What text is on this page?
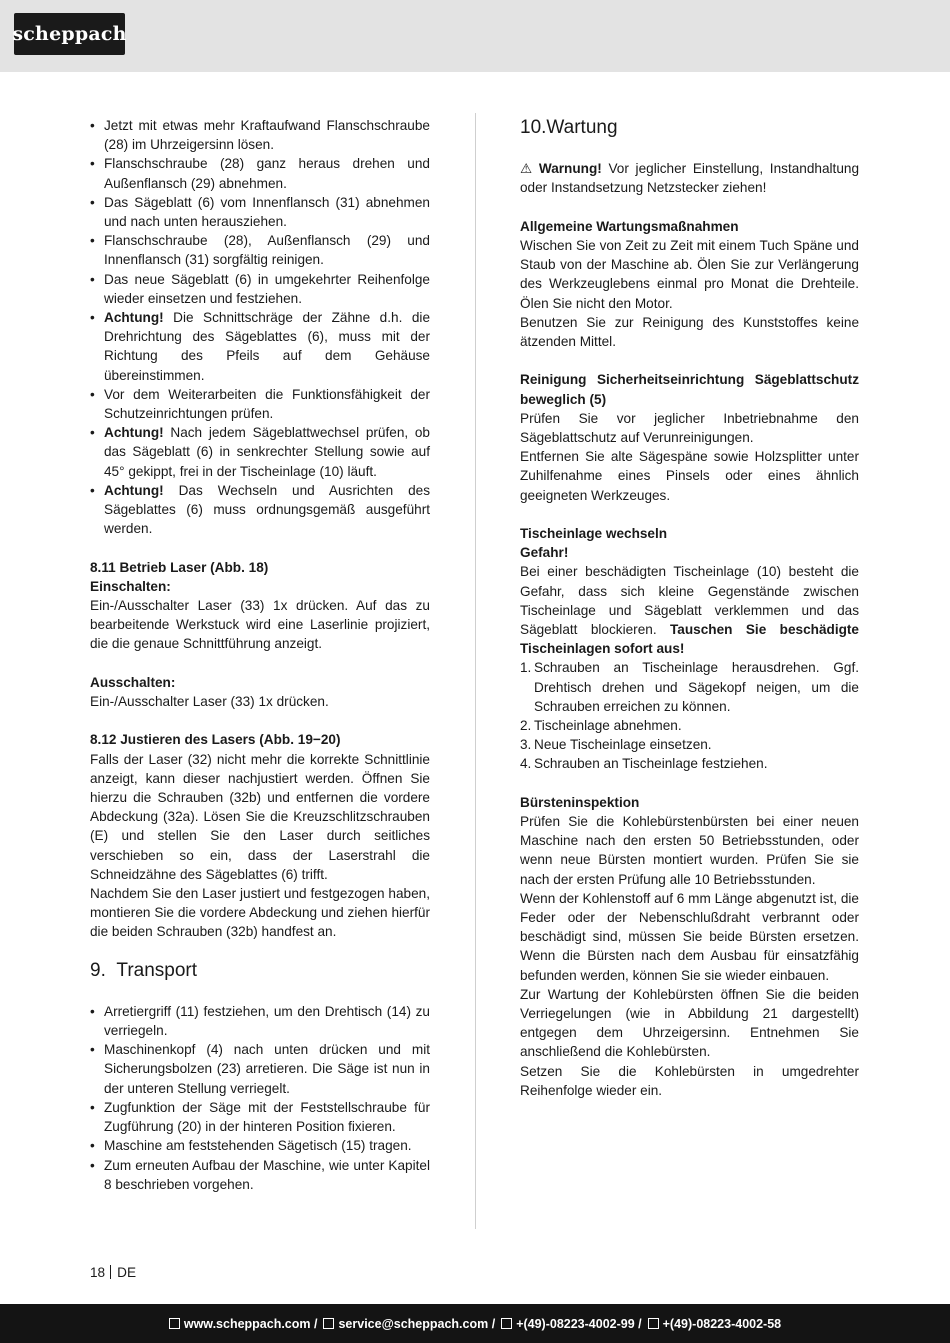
scheppach
• Jetzt mit etwas mehr Kraftaufwand Flanschschraube (28) im Uhrzeigersinn lösen.
• Flanschschraube (28) ganz heraus drehen und Außenflansch (29) abnehmen.
• Das Sägeblatt (6) vom Innenflansch (31) abnehmen und nach unten herausziehen.
• Flanschschraube (28), Außenflansch (29) und Innenflansch (31) sorgfältig reinigen.
• Das neue Sägeblatt (6) in umgekehrter Reihenfolge wieder einsetzen und festziehen.
• Achtung! Die Schnittschräge der Zähne d.h. die Drehrichtung des Sägeblattes (6), muss mit der Richtung des Pfeils auf dem Gehäuse übereinstimmen.
• Vor dem Weiterarbeiten die Funktionsfähigkeit der Schutzeinrichtungen prüfen.
• Achtung! Nach jedem Sägeblattwechsel prüfen, ob das Sägeblatt (6) in senkrechter Stellung sowie auf 45° gekippt, frei in der Tischeinlage (10) läuft.
• Achtung! Das Wechseln und Ausrichten des Sägeblattes (6) muss ordnungsgemäß ausgeführt werden.

8.11 Betrieb Laser (Abb. 18)

Einschalten:

Ein-/Ausschalter Laser (33) 1x drücken. Auf das zu bearbeitende Werkstuck wird eine Laserlinie projiziert, die die genaue Schnittführung anzeigt.

Ausschalten:

Ein-/Ausschalter Laser (33) 1x drücken.

8.12 Justieren des Lasers (Abb. 19−20)

Falls der Laser (32) nicht mehr die korrekte Schnittlinie anzeigt, kann dieser nachjustiert werden. Öffnen Sie hierzu die Schrauben (32b) und entfernen die vordere Abdeckung (32a). Lösen Sie die Kreuzschlitzschrauben (E) und stellen Sie den Laser durch seitliches verschieben so ein, dass der Laserstrahl die Schneidzähne des Sägeblattes (6) trifft.

Nachdem Sie den Laser justiert und festgezogen haben, montieren Sie die vordere Abdeckung und ziehen hierfür die beiden Schrauben (32b) handfest an.

9. Transport
• Arretiergriff (11) festziehen, um den Drehtisch (14) zu verriegeln.
• Maschinenkopf (4) nach unten drücken und mit Sicherungsbolzen (23) arretieren. Die Säge ist nun in der unteren Stellung verriegelt.
• Zugfunktion der Säge mit der Feststellschraube für Zugführung (20) in der hinteren Position fixieren.
• Maschine am feststehenden Sägetisch (15) tragen.
• Zum erneuten Aufbau der Maschine, wie unter Kapitel 8 beschrieben vorgehen.
10.Wartung

⚠ Warnung! Vor jeglicher Einstellung, Instandhaltung oder Instandsetzung Netzstecker ziehen!

Allgemeine Wartungsmaßnahmen

Wischen Sie von Zeit zu Zeit mit einem Tuch Späne und Staub von der Maschine ab. Ölen Sie zur Verlängerung des Werkzeuglebens einmal pro Monat die Drehteile. Ölen Sie nicht den Motor.

Benutzen Sie zur Reinigung des Kunststoffes keine ätzenden Mittel.

Reinigung Sicherheitseinrichtung Sägeblattschutz beweglich (5)

Prüfen Sie vor jeglicher Inbetriebnahme den Sägeblattschutz auf Verunreinigungen.

Entfernen Sie alte Sägespäne sowie Holzsplitter unter Zuhilfenahme eines Pinsels oder eines ähnlich geeigneten Werkzeuges.

Tischeinlage wechseln

Gefahr!

Bei einer beschädigten Tischeinlage (10) besteht die Gefahr, dass sich kleine Gegenstände zwischen Tischeinlage und Sägeblatt verklemmen und das Sägeblatt blockieren. Tauschen Sie beschädigte Tischeinlagen sofort aus!

1. Schrauben an Tischeinlage herausdrehen. Ggf. Drehtisch drehen und Sägekopf neigen, um die Schrauben erreichen zu können.
2. Tischeinlage abnehmen.
3. Neue Tischeinlage einsetzen.
4. Schrauben an Tischeinlage festziehen.

Bürsteninspektion

Prüfen Sie die Kohlebürstenbürsten bei einer neuen Maschine nach den ersten 50 Betriebsstunden, oder wenn neue Bürsten montiert wurden. Prüfen Sie sie nach der ersten Prüfung alle 10 Betriebsstunden.

Wenn der Kohlenstoff auf 6 mm Länge abgenutzt ist, die Feder oder der Nebenschlußdraht verbrannt oder beschädigt sind, müssen Sie beide Bürsten ersetzen. Wenn die Bürsten nach dem Ausbau für einsatzfähig befunden werden, können Sie sie wieder einbauen.

Zur Wartung der Kohlebürsten öffnen Sie die beiden Verriegelungen (wie in Abbildung 21 dargestellt) entgegen dem Uhrzeigersinn. Entnehmen Sie anschließend die Kohlebürsten.

Setzen Sie die Kohlebürsten in umgedrehter Reihenfolge wieder ein.

18 DE
www.scheppach.com /	service@scheppach.com /	+(49)-08223-4002-99 /	+(49)-08223-4002-58
